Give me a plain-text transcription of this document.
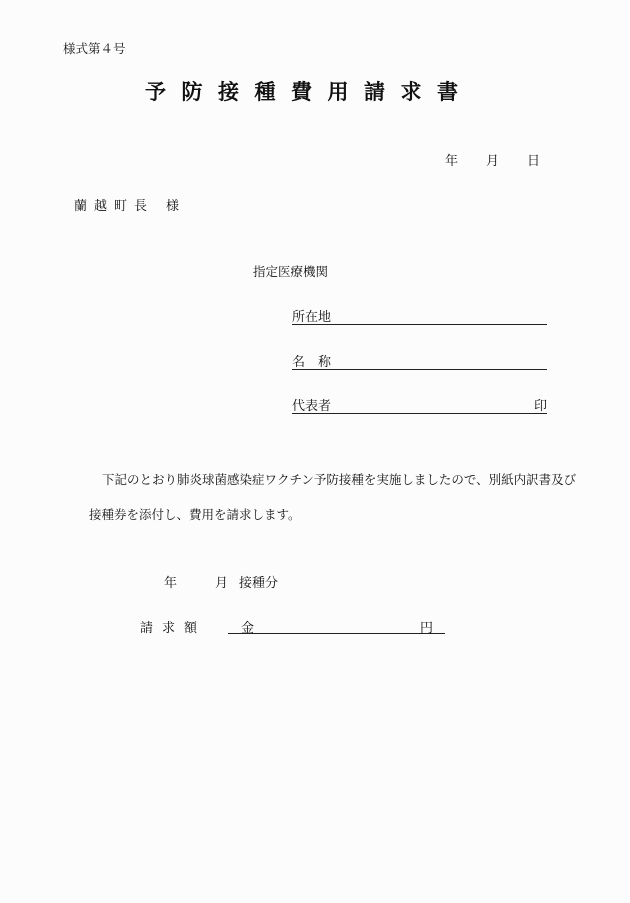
様式第４号
予防接種費用請求書
年 月 日
蘭越町長 様
指定医療機関
所在地
名称
代表者	印
下記のとおり肺炎球菌感染症ワクチン予防接種を実施しましたので、別紙内訳書及び
接種券を添付し、費用を請求します。
年	月 接種分
請求額	金	円
